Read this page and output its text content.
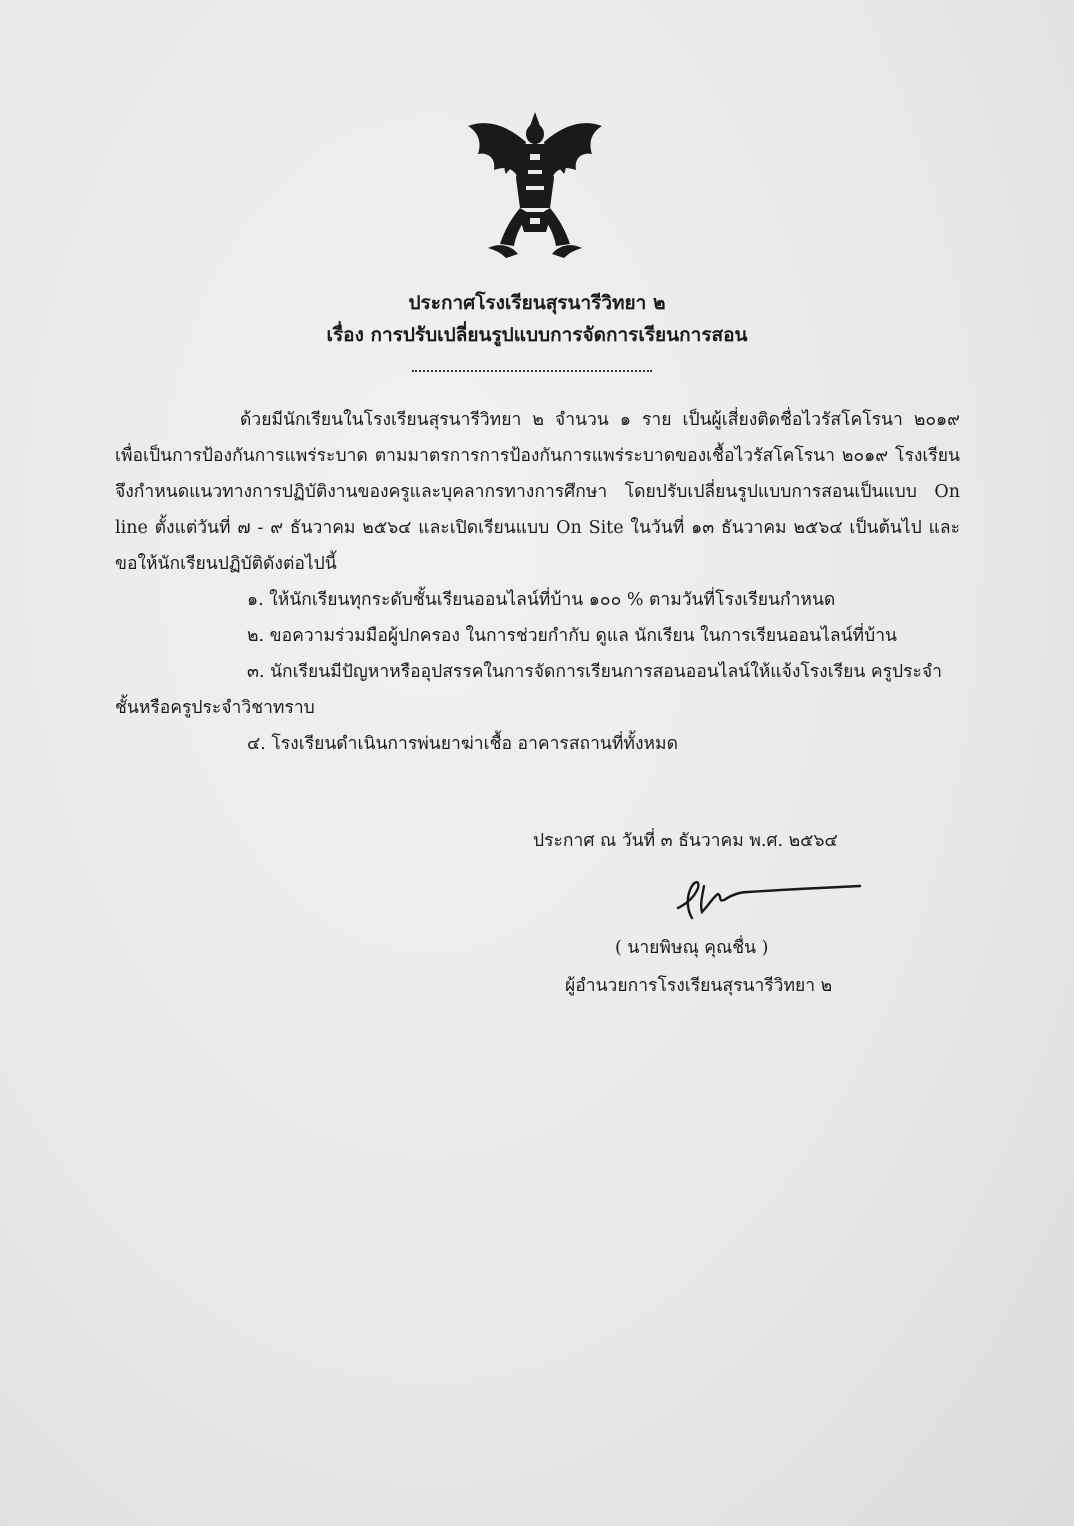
ประกาศโรงเรียนสุรนารีวิทยา ๒
เรื่อง การปรับเปลี่ยนรูปแบบการจัดการเรียนการสอน

ด้วยมีนักเรียนในโรงเรียนสุรนารีวิทยา ๒ จำนวน ๑ ราย เป็นผู้เสี่ยงติดชื่อไวรัสโคโรนา ๒๐๑๙ เพื่อเป็นการป้องกันการแพร่ระบาด ตามมาตรการการป้องกันการแพร่ระบาดของเชื้อไวรัสโคโรนา ๒๐๑๙ โรงเรียนจึงกำหนดแนวทางการปฏิบัติงานของครูและบุคลากรทางการศึกษา โดยปรับเปลี่ยนรูปแบบการสอนเป็นแบบ On line ตั้งแต่วันที่ ๗ - ๙ ธันวาคม ๒๕๖๔ และเปิดเรียนแบบ On Site ในวันที่ ๑๓ ธันวาคม ๒๕๖๔ เป็นต้นไป และขอให้นักเรียนปฏิบัติดังต่อไปนี้

๑. ให้นักเรียนทุกระดับชั้นเรียนออนไลน์ที่บ้าน ๑๐๐ % ตามวันที่โรงเรียนกำหนด

๒. ขอความร่วมมือผู้ปกครอง ในการช่วยกำกับ ดูแล นักเรียน ในการเรียนออนไลน์ที่บ้าน

๓. นักเรียนมีปัญหาหรืออุปสรรคในการจัดการเรียนการสอนออนไลน์ให้แจ้งโรงเรียน ครูประจำชั้นหรือครูประจำวิชาทราบ

๔. โรงเรียนดำเนินการพ่นยาฆ่าเชื้อ อาคารสถานที่ทั้งหมด

ประกาศ ณ วันที่ ๓ ธันวาคม พ.ศ. ๒๕๖๔
( นายพิษณุ คุณชื่น )
ผู้อำนวยการโรงเรียนสุรนารีวิทยา ๒
